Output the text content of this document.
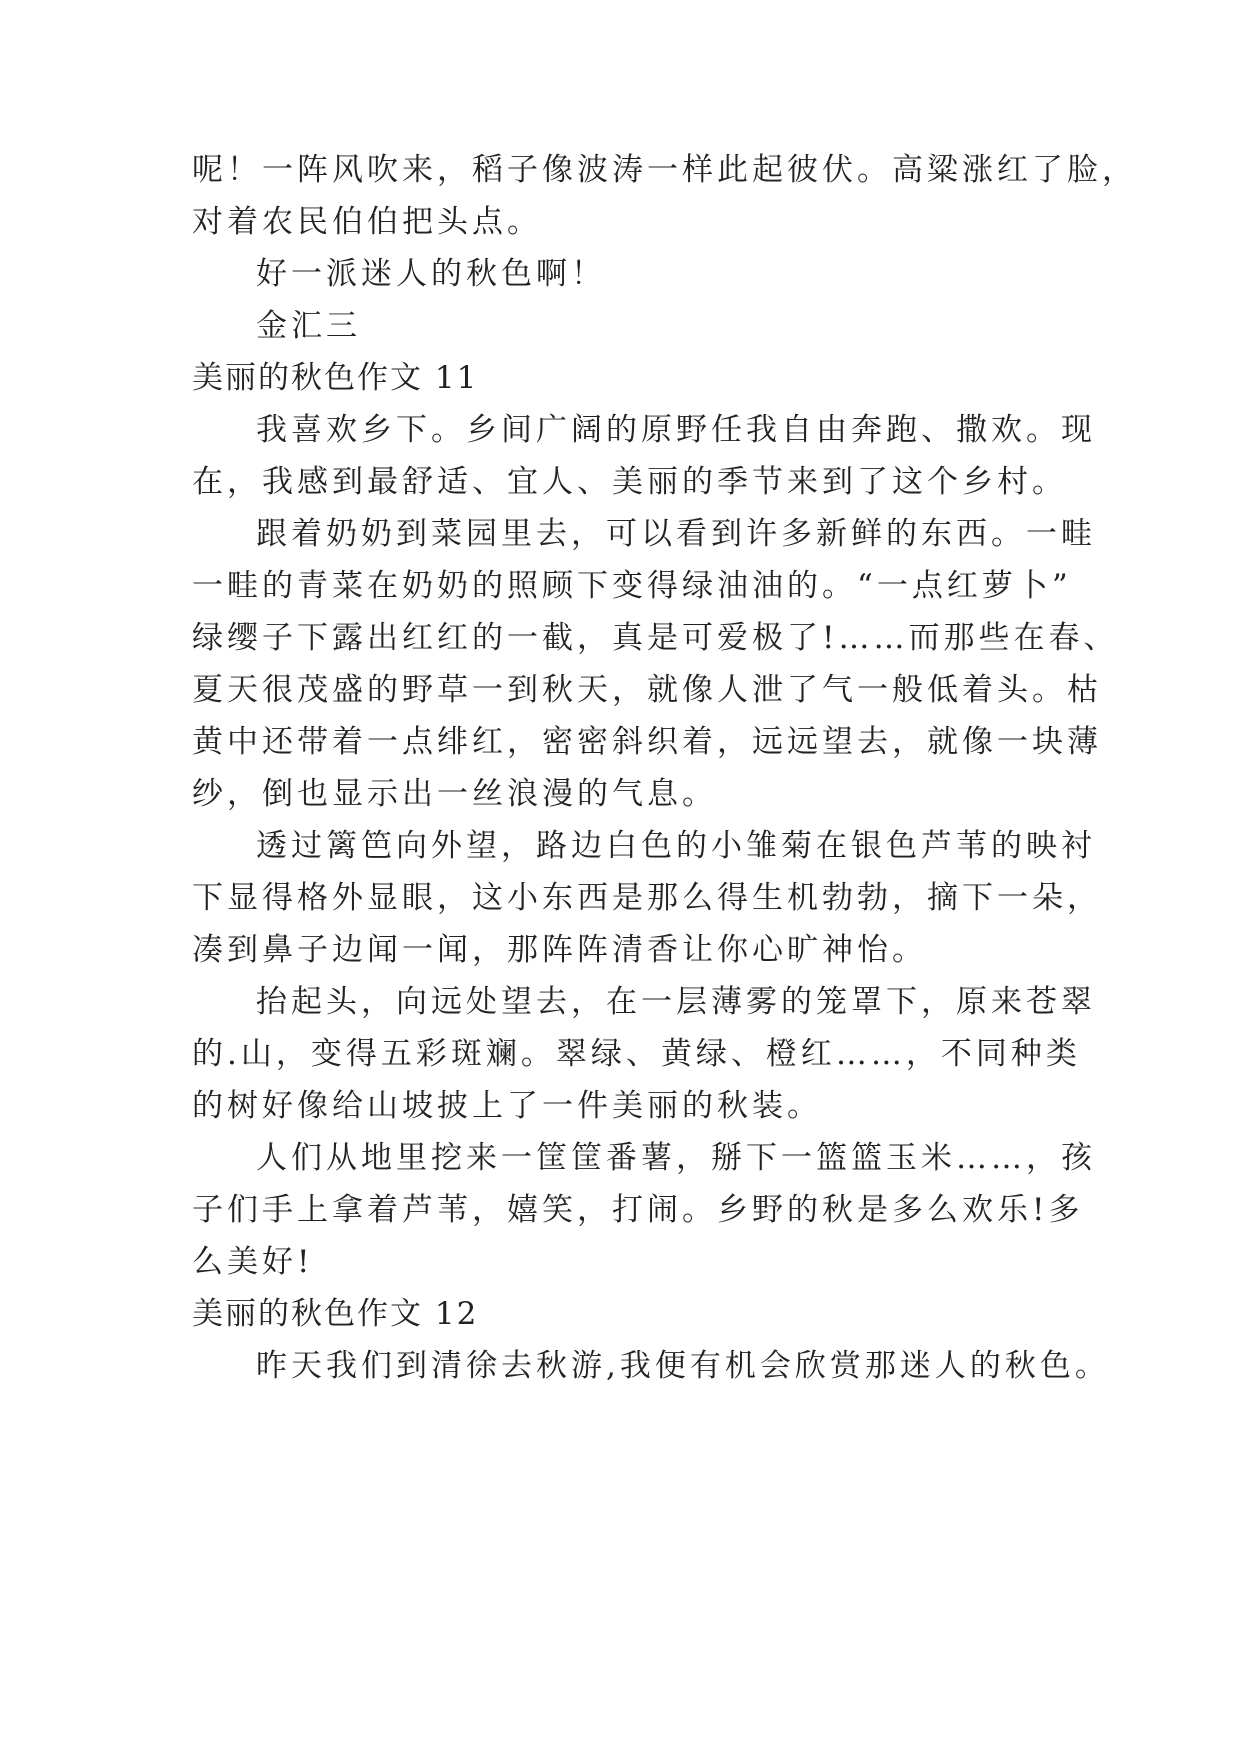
呢！一阵风吹来，稻子像波涛一样此起彼伏。高粱涨红了脸，
对着农民伯伯把头点。
好一派迷人的秋色啊！
金汇三
美丽的秋色作文 11
我喜欢乡下。乡间广阔的原野任我自由奔跑、撒欢。现
在，我感到最舒适、宜人、美丽的季节来到了这个乡村。
跟着奶奶到菜园里去，可以看到许多新鲜的东西。一畦
一畦的青菜在奶奶的照顾下变得绿油油的。“一点红萝卜”
绿缨子下露出红红的一截，真是可爱极了!……而那些在春、
夏天很茂盛的野草一到秋天，就像人泄了气一般低着头。枯
黄中还带着一点绯红，密密斜织着，远远望去，就像一块薄
纱，倒也显示出一丝浪漫的气息。
透过篱笆向外望，路边白色的小雏菊在银色芦苇的映衬
下显得格外显眼，这小东西是那么得生机勃勃，摘下一朵，
凑到鼻子边闻一闻，那阵阵清香让你心旷神怡。
抬起头，向远处望去，在一层薄雾的笼罩下，原来苍翠
的.山，变得五彩斑斓。翠绿、黄绿、橙红……，不同种类
的树好像给山坡披上了一件美丽的秋装。
人们从地里挖来一筐筐番薯，掰下一篮篮玉米……，孩
子们手上拿着芦苇，嬉笑，打闹。乡野的秋是多么欢乐!多
么美好!
美丽的秋色作文 12
昨天我们到清徐去秋游,我便有机会欣赏那迷人的秋色。
